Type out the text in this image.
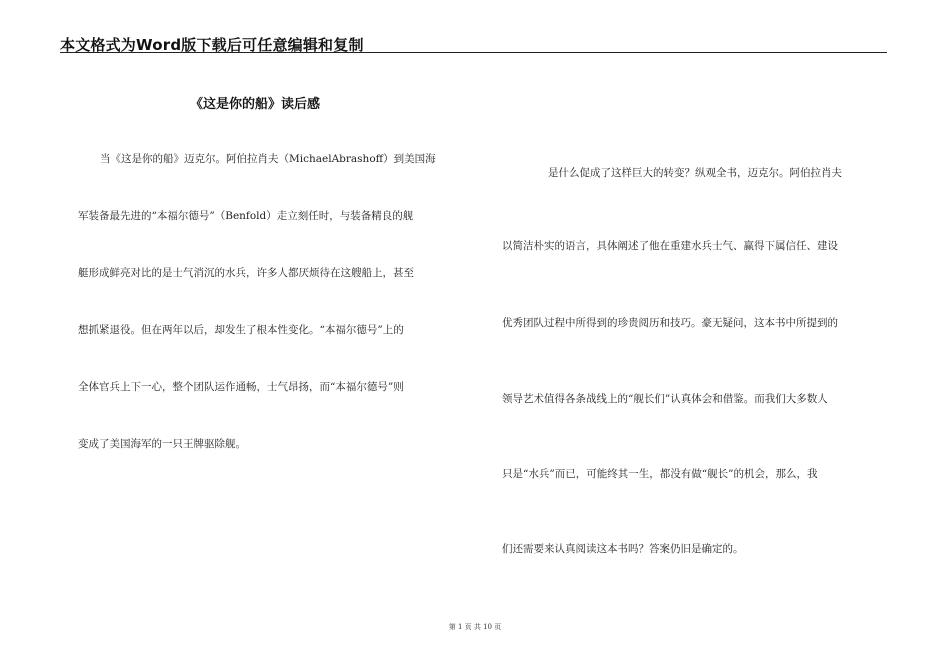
本文格式为Word版下载后可任意编辑和复制
《这是你的船》读后感
当《这是你的船》迈克尔。阿伯拉肖夫（MichaelAbrashoff）到美国海
军装备最先进的“本福尔德号”（Benfold）走立刻任时，与装备精良的舰
艇形成鲜亮对比的是士气消沉的水兵，许多人都厌烦待在这艘船上，甚至
想抓紧退役。但在两年以后，却发生了根本性变化。“本福尔德号”上的
全体官兵上下一心，整个团队运作通畅，士气昂扬，而“本福尔德号”则
变成了美国海军的一只王牌驱除舰。
是什么促成了这样巨大的转变？纵观全书，迈克尔。阿伯拉肖夫
以简洁朴实的语言，具体阐述了他在重建水兵士气、赢得下属信任、建设
优秀团队过程中所得到的珍贵阅历和技巧。豪无疑问，这本书中所提到的
领导艺术值得各条战线上的“舰长们”认真体会和借鉴。而我们大多数人
只是“水兵”而已，可能终其一生，都没有做“舰长”的机会，那么，我
们还需要来认真阅读这本书吗？答案仍旧是确定的。
第 1 页 共 10 页
